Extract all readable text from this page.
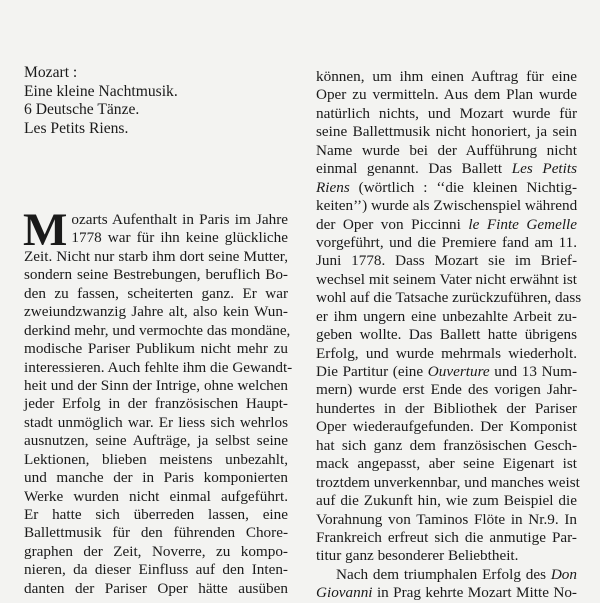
Mozart :
Eine kleine Nachtmusik.
6 Deutsche Tänze.
Les Petits Riens.
M ozarts Aufenthalt in Paris im Jahre
1778 war für ihn keine glückliche
Zeit. Nicht nur starb ihm dort seine Mutter,
sondern seine Bestrebungen, beruflich Bo-
den zu fassen, scheiterten ganz. Er war
zweiundzwanzig Jahre alt, also kein Wun-
derkind mehr, und vermochte das mondäne,
modische Pariser Publikum nicht mehr zu
interessieren. Auch fehlte ihm die Gewandt-
heit und der Sinn der Intrige, ohne welchen
jeder Erfolg in der französischen Haupt-
stadt unmöglich war. Er liess sich wehrlos
ausnutzen, seine Aufträge, ja selbst seine
Lektionen, blieben meistens unbezahlt,
und manche der in Paris komponierten
Werke wurden nicht einmal aufgeführt.
Er hatte sich überreden lassen, eine
Ballettmusik für den führenden Chore-
graphen der Zeit, Noverre, zu kompo-
nieren, da dieser Einfluss auf den Inten-
danten der Pariser Oper hätte ausüben
können, um ihm einen Auftrag für eine
Oper zu vermitteln. Aus dem Plan wurde
natürlich nichts, und Mozart wurde für
seine Ballettmusik nicht honoriert, ja sein
Name wurde bei der Aufführung nicht
einmal genannt. Das Ballett Les Petits
Riens (wörtlich : ‘‘die kleinen Nichtig-
keiten’’) wurde als Zwischenspiel während
der Oper von Piccinni le Finte Gemelle
vorgeführt, und die Premiere fand am 11.
Juni 1778. Dass Mozart sie im Brief-
wechsel mit seinem Vater nicht erwähnt ist
wohl auf die Tatsache zurückzuführen, dass
er ihm ungern eine unbezahlte Arbeit zu-
geben wollte. Das Ballett hatte übrigens
Erfolg, und wurde mehrmals wiederholt.
Die Partitur (eine Ouverture und 13 Num-
mern) wurde erst Ende des vorigen Jahr-
hundertes in der Bibliothek der Pariser
Oper wiederaufgefunden. Der Komponist
hat sich ganz dem französischen Gesch-
mack angepasst, aber seine Eigenart ist
troztdem unverkennbar, und manches weist
auf die Zukunft hin, wie zum Beispiel die
Vorahnung von Taminos Flöte in Nr.9. In
Frankreich erfreut sich die anmutige Par-
titur ganz besonderer Beliebtheit.
Nach dem triumphalen Erfolg des Don
Giovanni in Prag kehrte Mozart Mitte No-
